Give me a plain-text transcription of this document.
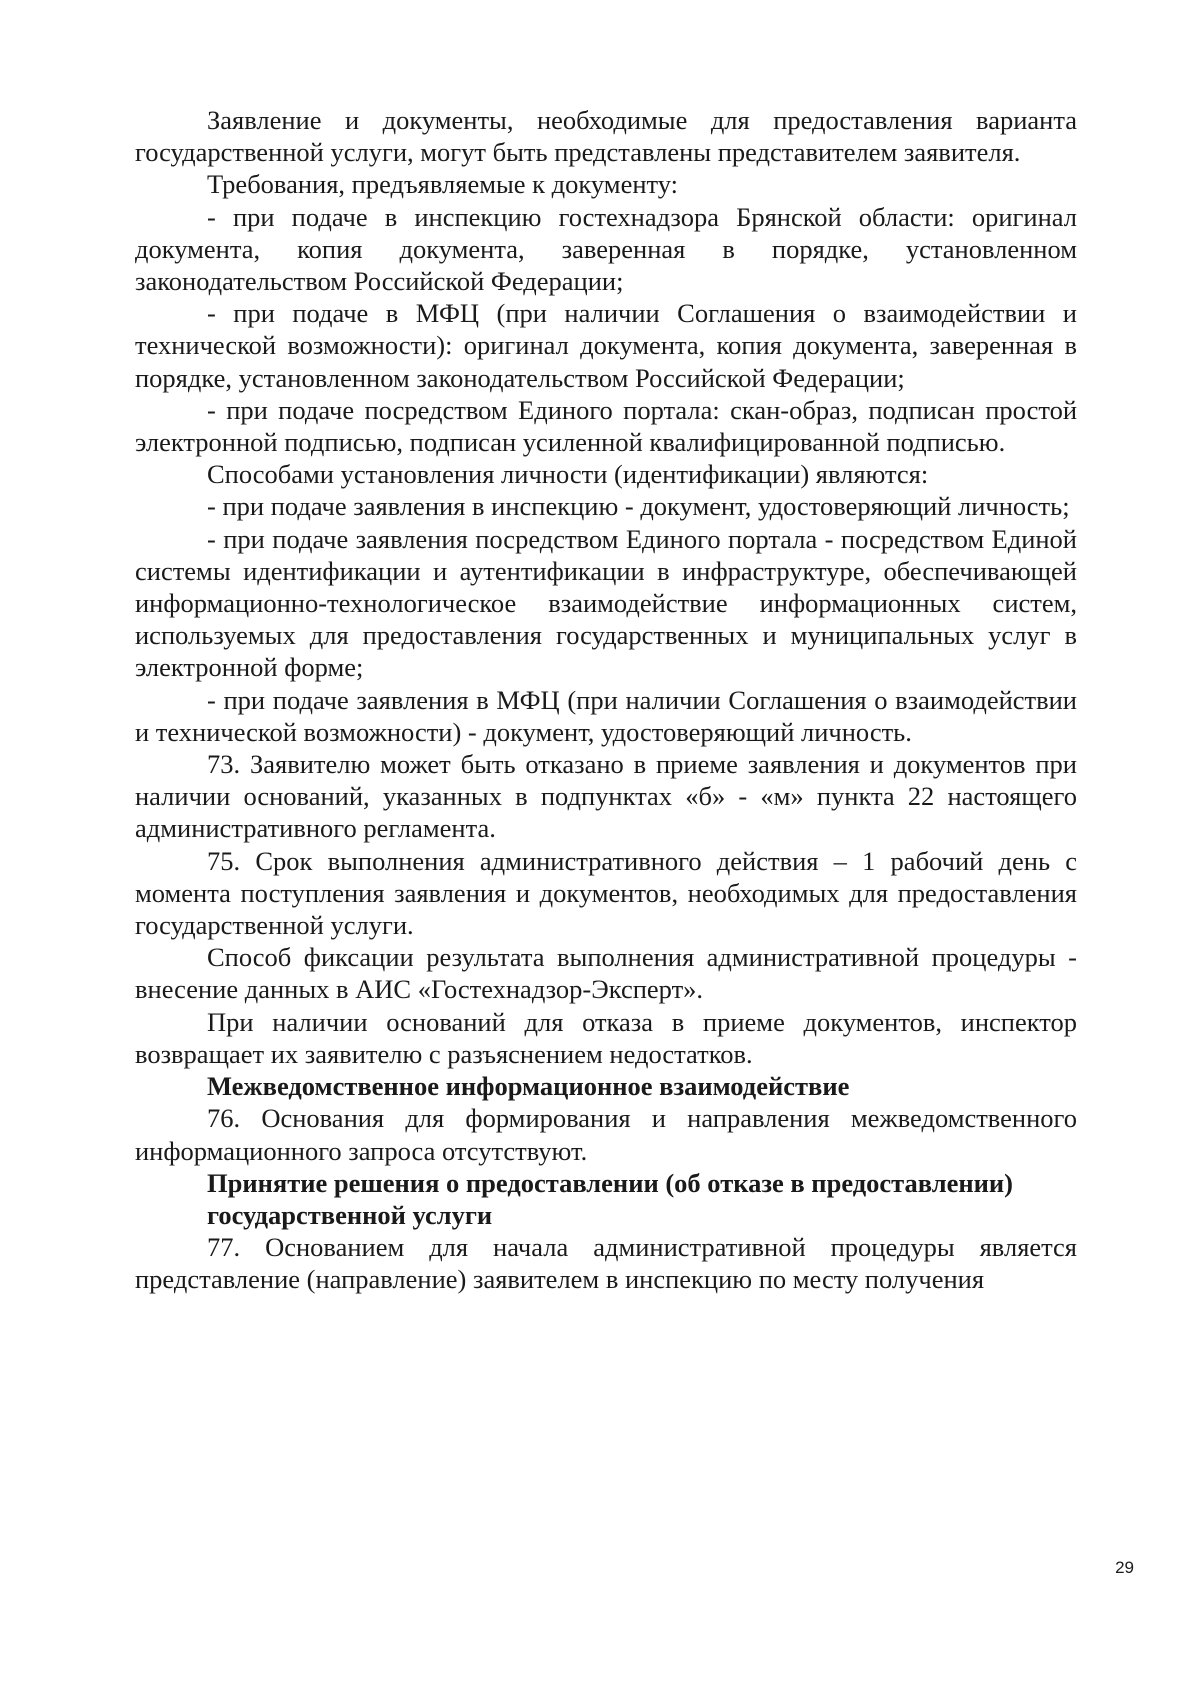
Заявление и документы, необходимые для предоставления варианта государственной услуги, могут быть представлены представителем заявителя.

Требования, предъявляемые к документу:

- при подаче в инспекцию гостехнадзора Брянской области: оригинал документа, копия документа, заверенная в порядке, установленном законодательством Российской Федерации;

- при подаче в МФЦ (при наличии Соглашения о взаимодействии и технической возможности): оригинал документа, копия документа, заверенная в порядке, установленном законодательством Российской Федерации;

- при подаче посредством Единого портала: скан-образ, подписан простой электронной подписью, подписан усиленной квалифицированной подписью.

Способами установления личности (идентификации) являются:

- при подаче заявления в инспекцию - документ, удостоверяющий личность;

- при подаче заявления посредством Единого портала - посредством Единой системы идентификации и аутентификации в инфраструктуре, обеспечивающей информационно-технологическое взаимодействие информационных систем, используемых для предоставления государственных и муниципальных услуг в электронной форме;

- при подаче заявления в МФЦ (при наличии Соглашения о взаимодействии и технической возможности) - документ, удостоверяющий личность.

73. Заявителю может быть отказано в приеме заявления и документов при наличии оснований, указанных в подпунктах «б» - «м» пункта 22 настоящего административного регламента.

75. Срок выполнения административного действия – 1 рабочий день с момента поступления заявления и документов, необходимых для предоставления государственной услуги.

Способ фиксации результата выполнения административной процедуры - внесение данных в АИС «Гостехнадзор-Эксперт».

При наличии оснований для отказа в приеме документов, инспектор возвращает их заявителю с разъяснением недостатков.

Межведомственное информационное взаимодействие

76. Основания для формирования и направления межведомственного информационного запроса отсутствуют.

Принятие решения о предоставлении (об отказе в предоставлении)

государственной услуги

77. Основанием для начала административной процедуры является представление (направление) заявителем в инспекцию по месту получения

29
